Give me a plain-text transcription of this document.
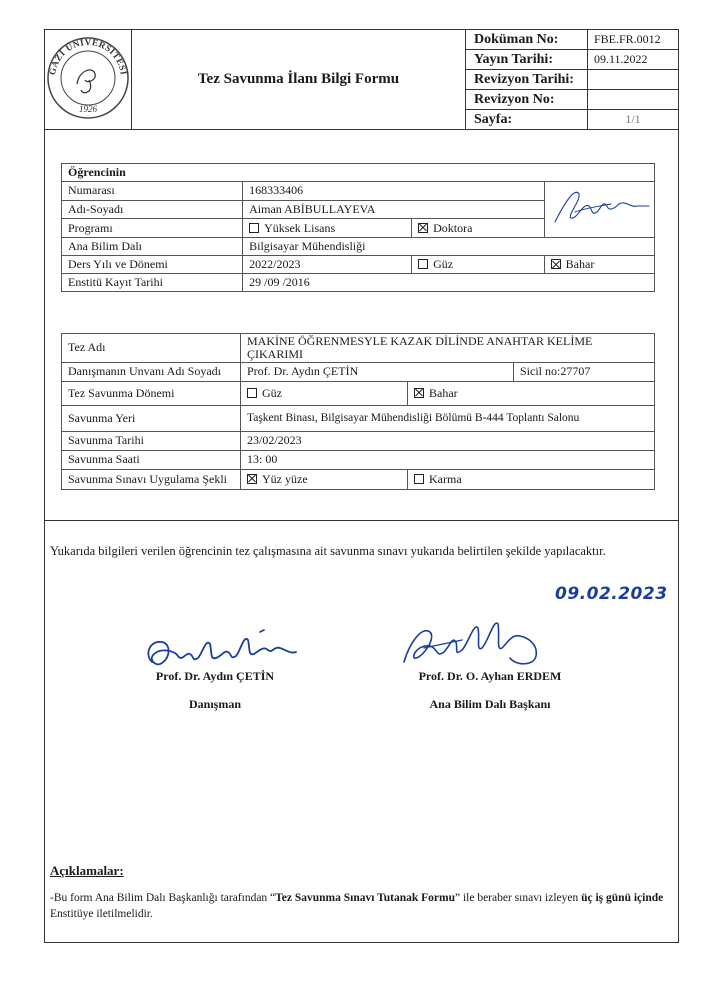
GAZİ ÜNİVERSİTESİ
1926	Tez Savunma İlanı Bilgi Formu	Doküman No:	FBE.FR.0012
		Yayın Tarihi:	09.11.2022
		Revizyon Tarihi:	
		Revizyon No:	
		Sayfa:	1/1
Öğrencinin			
Numarası	168333406	
Adı-Soyadı	Aiman ABİBULLAYEVA		
Programı	Yüksek Lisans	Doktora	
Ana Bilim Dalı	Bilgisayar Mühendisliği		
Ders Yılı ve Dönemi	2022/2023	Güz	Bahar
Enstitü Kayıt Tarihi	29 /09 /2016		
Tez Adı	MAKİNE ÖĞRENMESYLE KAZAK DİLİNDE ANAHTAR KELİME ÇIKARIMI		
Danışmanın Unvanı Adı Soyadı	Prof. Dr. Aydın ÇETİN		Sicil no:27707
Tez Savunma Dönemi	Güz	Bahar	
Savunma Yeri	Taşkent Binası, Bilgisayar Mühendisliği Bölümü B-444 Toplantı Salonu		
Savunma Tarihi	23/02/2023		
Savunma Saati	13: 00		
Savunma Sınavı Uygulama Şekli	Yüz yüze	Karma	
Yukarıda bilgileri verilen öğrencinin tez çalışmasına ait savunma sınavı yukarıda belirtilen şekilde yapılacaktır.
09.02.2023
Prof. Dr. Aydın ÇETİN
Danışman
Prof. Dr. O. Ayhan ERDEM
Ana Bilim Dalı Başkanı
Açıklamalar:
-Bu form Ana Bilim Dalı Başkanlığı tarafından “Tez Savunma Sınavı Tutanak Formu” ile beraber sınavı izleyen üç iş günü içinde Enstitüye iletilmelidir.
